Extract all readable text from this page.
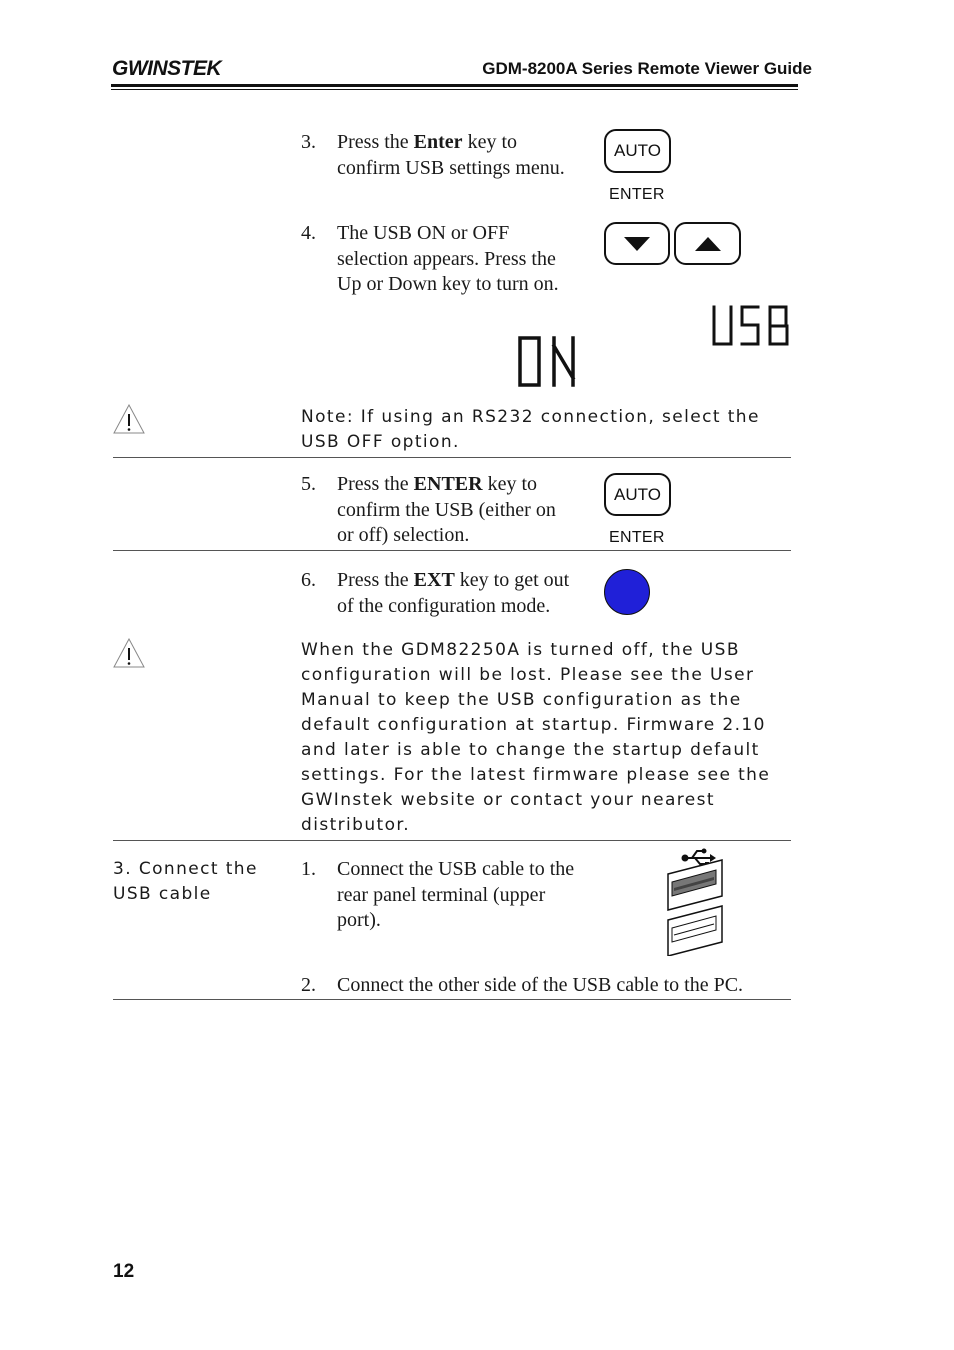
GWINSTEK	GDM-8200A Series Remote Viewer Guide
3. Press the Enter key to
confirm USB settings menu.
AUTO
ENTER
4. The USB ON or OFF
selection appears. Press the
Up or Down key to turn on.
Note: If using an RS232 connection, select the
USB OFF option.
5. Press the ENTER key to
confirm the USB (either on
or off) selection.
AUTO
ENTER
6. Press the EXT key to get out
of the configuration mode.
When the GDM82250A is turned off, the USB
configuration will be lost. Please see the User
Manual to keep the USB configuration as the
default configuration at startup. Firmware 2.10
and later is able to change the startup default
settings. For the latest firmware please see the
GWInstek website or contact your nearest
distributor.
3. Connect the
USB cable
1. Connect the USB cable to the
rear panel terminal (upper
port).
2. Connect the other side of the USB cable to the PC.
12
